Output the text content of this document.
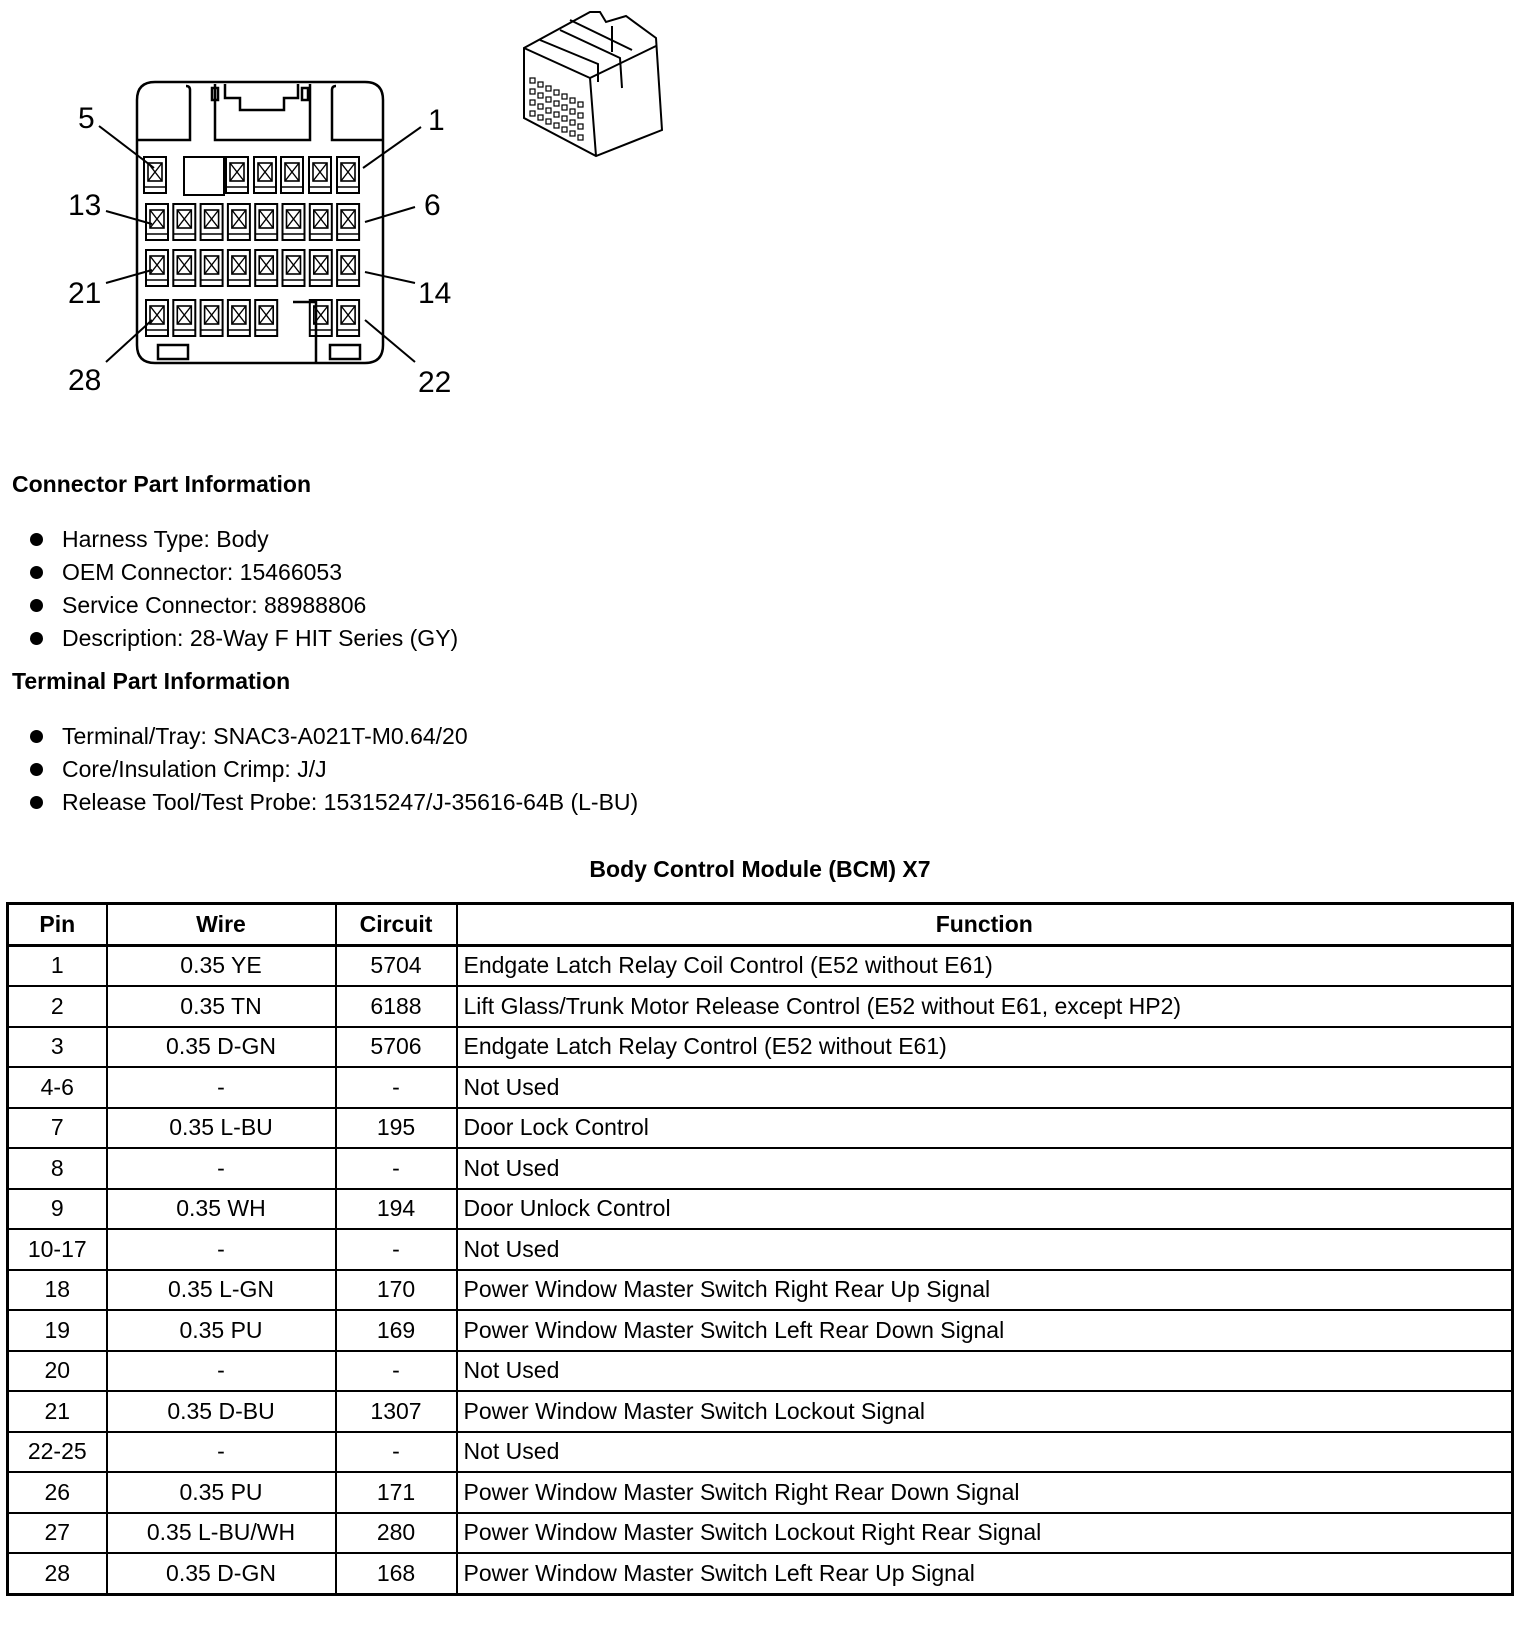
5	1
13	6
21	14
28	22
Connector Part Information
Harness Type: Body
OEM Connector: 15466053
Service Connector: 88988806
Description: 28-Way F HIT Series (GY)
Terminal Part Information
Terminal/Tray: SNAC3-A021T-M0.64/20
Core/Insulation Crimp: J/J
Release Tool/Test Probe: 15315247/J-35616-64B (L-BU)
Body Control Module (BCM) X7
Pin	Wire	Circuit	Function
1	0.35 YE	5704	Endgate Latch Relay Coil Control (E52 without E61)
2	0.35 TN	6188	Lift Glass/Trunk Motor Release Control (E52 without E61, except HP2)
3	0.35 D-GN	5706	Endgate Latch Relay Control (E52 without E61)
4-6	-	-	Not Used
7	0.35 L-BU	195	Door Lock Control
8	-	-	Not Used
9	0.35 WH	194	Door Unlock Control
10-17	-	-	Not Used
18	0.35 L-GN	170	Power Window Master Switch Right Rear Up Signal
19	0.35 PU	169	Power Window Master Switch Left Rear Down Signal
20	-	-	Not Used
21	0.35 D-BU	1307	Power Window Master Switch Lockout Signal
22-25	-	-	Not Used
26	0.35 PU	171	Power Window Master Switch Right Rear Down Signal
27	0.35 L-BU/WH	280	Power Window Master Switch Lockout Right Rear Signal
28	0.35 D-GN	168	Power Window Master Switch Left Rear Up Signal
